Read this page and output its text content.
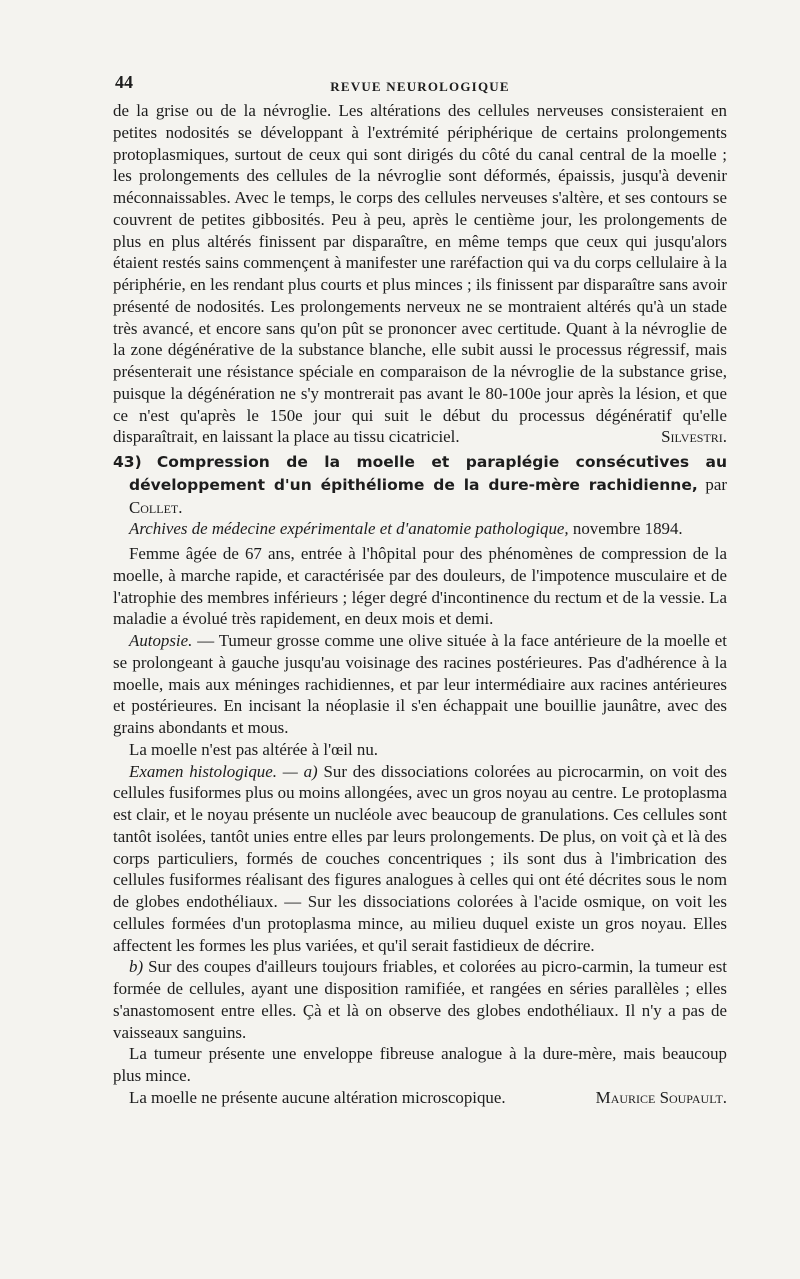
44	REVUE NEUROLOGIQUE

de la grise ou de la névroglie. Les altérations des cellules nerveuses consisteraient en petites nodosités se développant à l'extrémité périphérique de certains prolongements protoplasmiques, surtout de ceux qui sont dirigés du côté du canal central de la moelle ; les prolongements des cellules de la névroglie sont déformés, épaissis, jusqu'à devenir méconnaissables. Avec le temps, le corps des cellules nerveuses s'altère, et ses contours se couvrent de petites gibbosités. Peu à peu, après le centième jour, les prolongements de plus en plus altérés finissent par disparaître, en même temps que ceux qui jusqu'alors étaient restés sains commençent à manifester une raréfaction qui va du corps cellulaire à la périphérie, en les rendant plus courts et plus minces ; ils finissent par disparaître sans avoir présenté de nodosités. Les prolongements nerveux ne se montraient altérés qu'à un stade très avancé, et encore sans qu'on pût se prononcer avec certitude. Quant à la névroglie de la zone dégénérative de la substance blanche, elle subit aussi le processus régressif, mais présenterait une résistance spéciale en comparaison de la névroglie de la substance grise, puisque la dégénération ne s'y montrerait pas avant le 80-100e jour après la lésion, et que ce n'est qu'après le 150e jour qui suit le début du processus dégénératif qu'elle disparaîtrait, en laissant la place au tissu cicatriciel.	Silvestri.

43) Compression de la moelle et paraplégie consécutives au développement d'un épithéliome de la dure-mère rachidienne, par Collet.

Archives de médecine expérimentale et d'anatomie pathologique, novembre 1894.

Femme âgée de 67 ans, entrée à l'hôpital pour des phénomènes de compression de la moelle, à marche rapide, et caractérisée par des douleurs, de l'impotence musculaire et de l'atrophie des membres inférieurs ; léger degré d'incontinence du rectum et de la vessie. La maladie a évolué très rapidement, en deux mois et demi.

Autopsie. — Tumeur grosse comme une olive située à la face antérieure de la moelle et se prolongeant à gauche jusqu'au voisinage des racines postérieures. Pas d'adhérence à la moelle, mais aux méninges rachidiennes, et par leur intermédiaire aux racines antérieures et postérieures. En incisant la néoplasie il s'en échappait une bouillie jaunâtre, avec des grains abondants et mous.

La moelle n'est pas altérée à l'œil nu.

Examen histologique. — a) Sur des dissociations colorées au picrocarmin, on voit des cellules fusiformes plus ou moins allongées, avec un gros noyau au centre. Le protoplasma est clair, et le noyau présente un nucléole avec beaucoup de granulations. Ces cellules sont tantôt isolées, tantôt unies entre elles par leurs prolongements. De plus, on voit çà et là des corps particuliers, formés de couches concentriques ; ils sont dus à l'imbrication des cellules fusiformes réalisant des figures analogues à celles qui ont été décrites sous le nom de globes endothéliaux. — Sur les dissociations colorées à l'acide osmique, on voit les cellules formées d'un protoplasma mince, au milieu duquel existe un gros noyau. Elles affectent les formes les plus variées, et qu'il serait fastidieux de décrire.

b) Sur des coupes d'ailleurs toujours friables, et colorées au picro-carmin, la tumeur est formée de cellules, ayant une disposition ramifiée, et rangées en séries parallèles ; elles s'anastomosent entre elles. Çà et là on observe des globes endothéliaux. Il n'y a pas de vaisseaux sanguins.

La tumeur présente une enveloppe fibreuse analogue à la dure-mère, mais beaucoup plus mince.

La moelle ne présente aucune altération microscopique.	Maurice Soupault.
